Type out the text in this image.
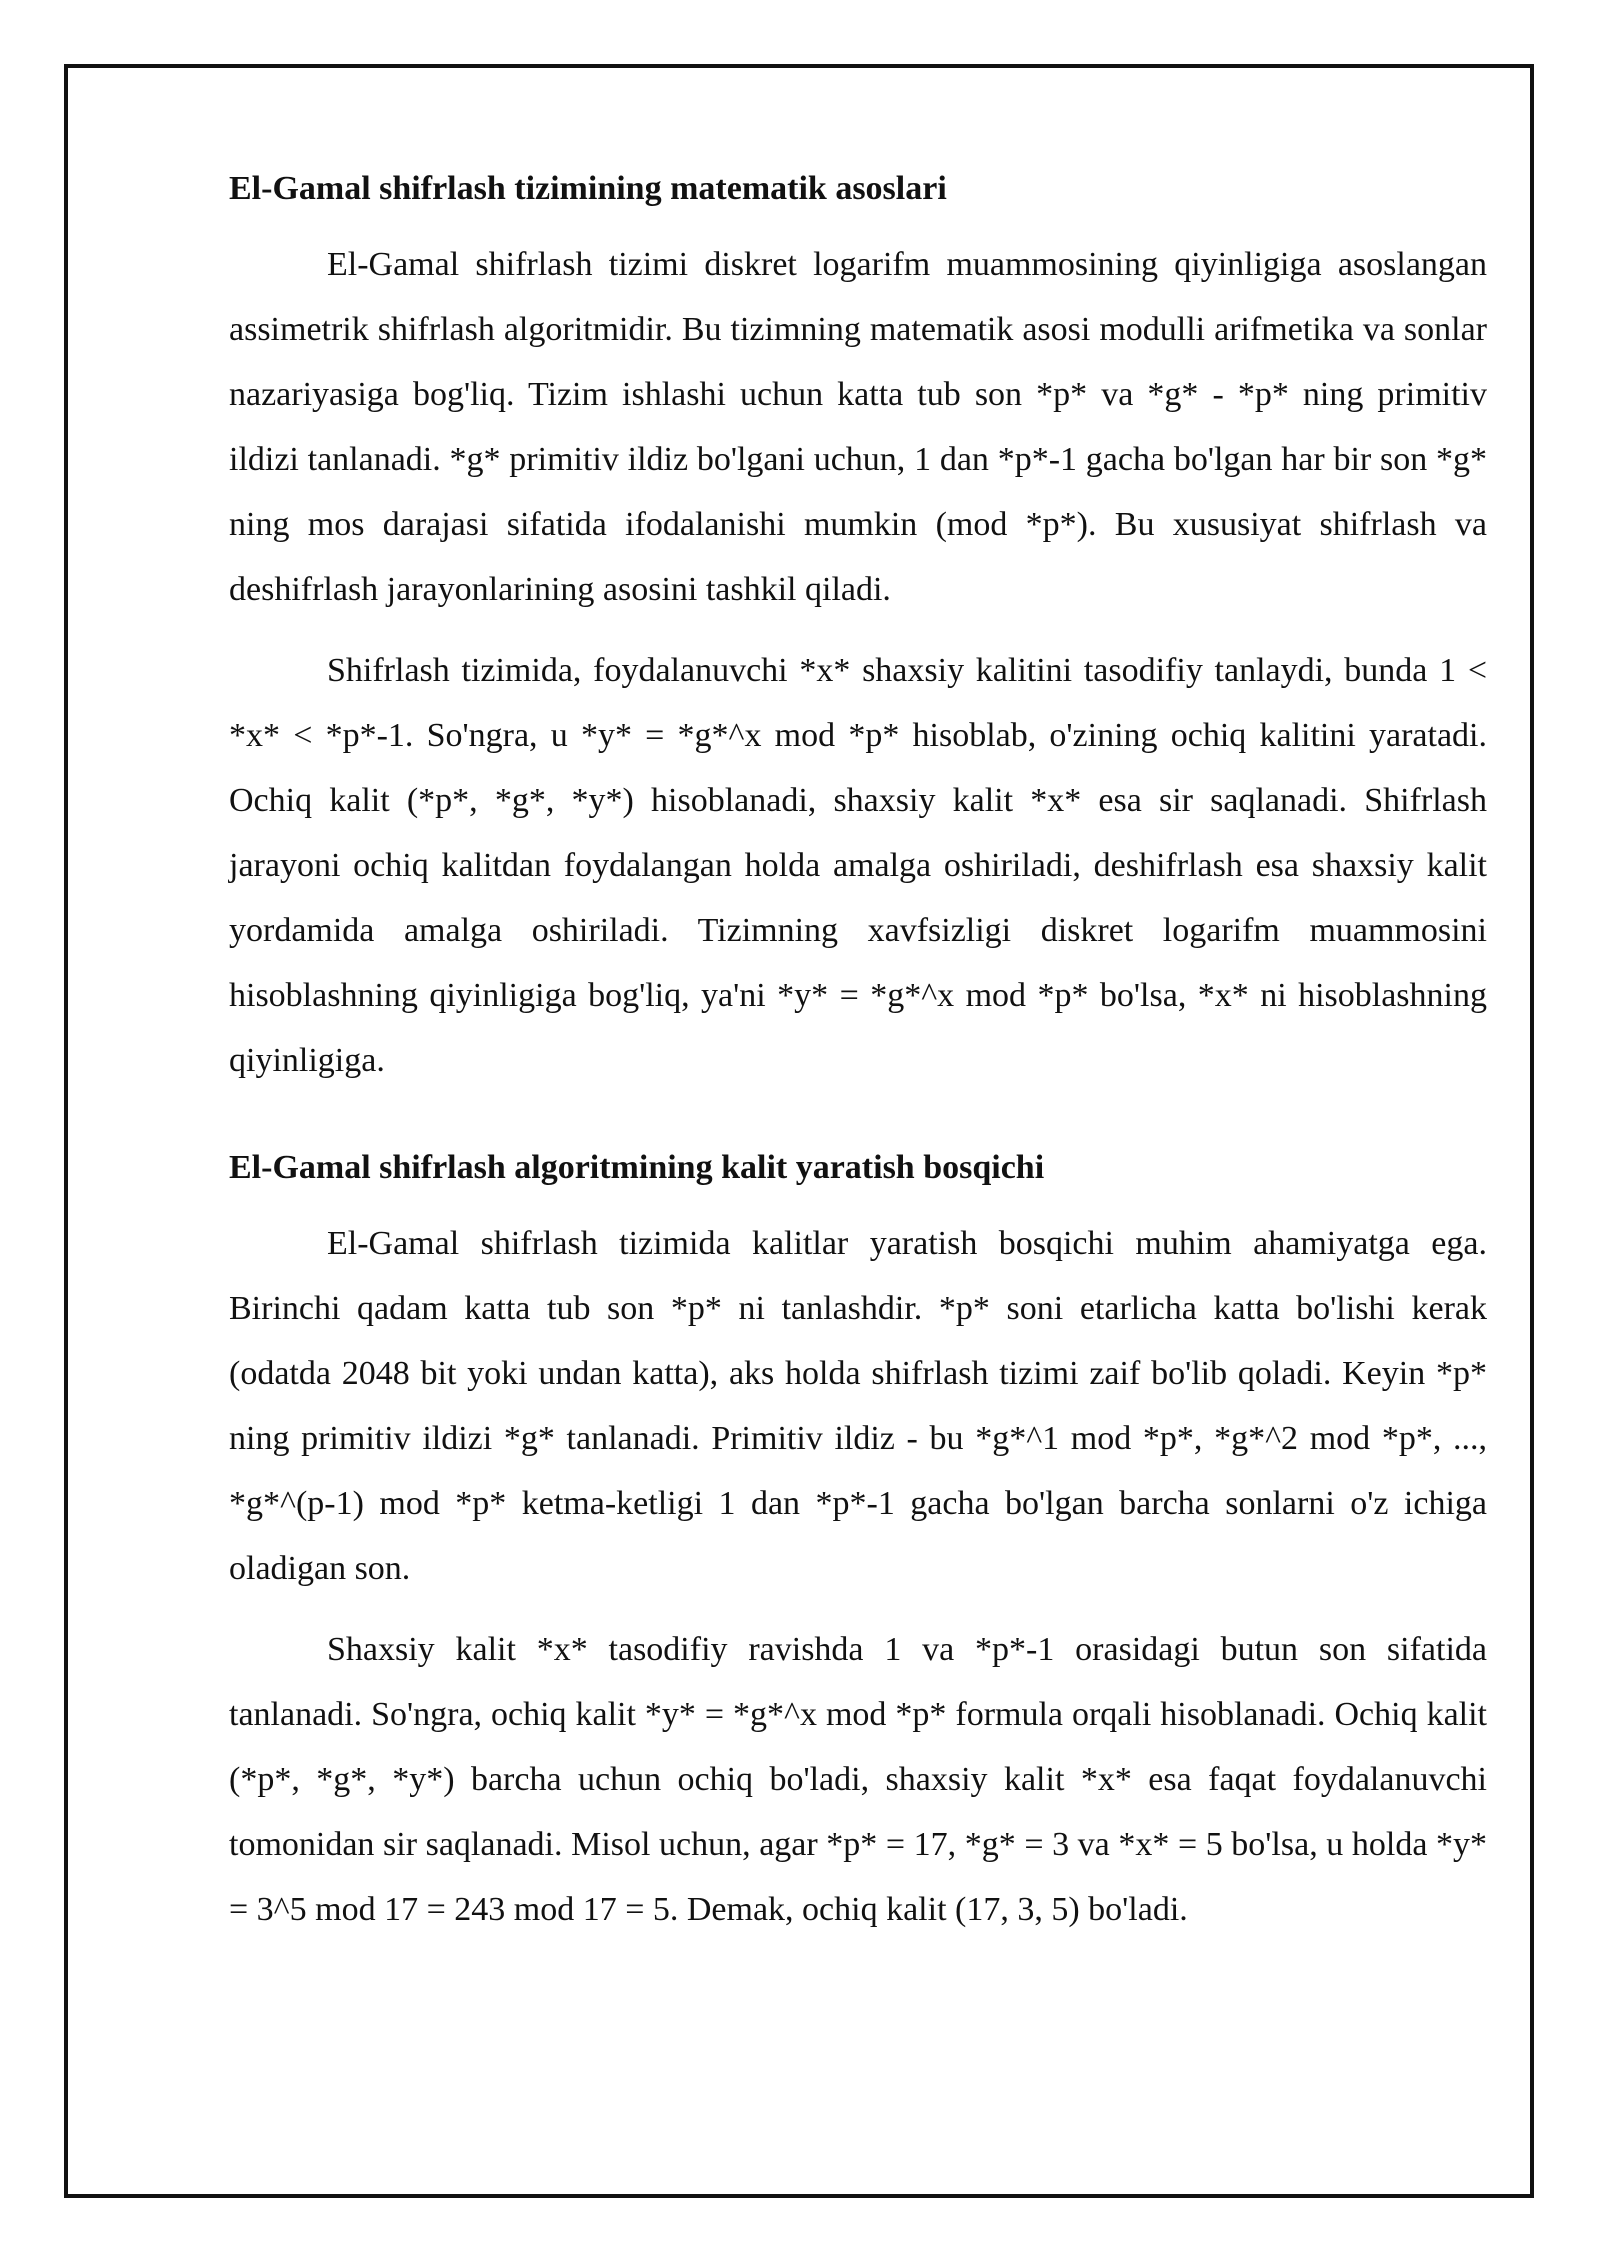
El-Gamal shifrlash tizimining matematik asoslari

El-Gamal shifrlash tizimi diskret logarifm muammosining qiyinligiga asoslangan assimetrik shifrlash algoritmidir. Bu tizimning matematik asosi modulli arifmetika va sonlar nazariyasiga bog'liq. Tizim ishlashi uchun katta tub son *p* va *g* - *p* ning primitiv ildizi tanlanadi. *g* primitiv ildiz bo'lgani uchun, 1 dan *p*-1 gacha bo'lgan har bir son *g* ning mos darajasi sifatida ifodalanishi mumkin (mod *p*). Bu xususiyat shifrlash va deshifrlash jarayonlarining asosini tashkil qiladi.

Shifrlash tizimida, foydalanuvchi *x* shaxsiy kalitini tasodifiy tanlaydi, bunda 1 < *x* < *p*-1. So'ngra, u *y* = *g*^x mod *p* hisoblab, o'zining ochiq kalitini yaratadi. Ochiq kalit (*p*, *g*, *y*) hisoblanadi, shaxsiy kalit *x* esa sir saqlanadi. Shifrlash jarayoni ochiq kalitdan foydalangan holda amalga oshiriladi, deshifrlash esa shaxsiy kalit yordamida amalga oshiriladi. Tizimning xavfsizligi diskret logarifm muammosini hisoblashning qiyinligiga bog'liq, ya'ni *y* = *g*^x mod *p* bo'lsa, *x* ni hisoblashning qiyinligiga.

El-Gamal shifrlash algoritmining kalit yaratish bosqichi

El-Gamal shifrlash tizimida kalitlar yaratish bosqichi muhim ahamiyatga ega. Birinchi qadam katta tub son *p* ni tanlashdir. *p* soni etarlicha katta bo'lishi kerak (odatda 2048 bit yoki undan katta), aks holda shifrlash tizimi zaif bo'lib qoladi. Keyin *p* ning primitiv ildizi *g* tanlanadi. Primitiv ildiz - bu *g*^1 mod *p*, *g*^2 mod *p*, ..., *g*^(p-1) mod *p* ketma-ketligi 1 dan *p*-1 gacha bo'lgan barcha sonlarni o'z ichiga oladigan son.

Shaxsiy kalit *x* tasodifiy ravishda 1 va *p*-1 orasidagi butun son sifatida tanlanadi. So'ngra, ochiq kalit *y* = *g*^x mod *p* formula orqali hisoblanadi. Ochiq kalit (*p*, *g*, *y*) barcha uchun ochiq bo'ladi, shaxsiy kalit *x* esa faqat foydalanuvchi tomonidan sir saqlanadi. Misol uchun, agar *p* = 17, *g* = 3 va *x* = 5 bo'lsa, u holda *y* = 3^5 mod 17 = 243 mod 17 = 5. Demak, ochiq kalit (17, 3, 5) bo'ladi.
